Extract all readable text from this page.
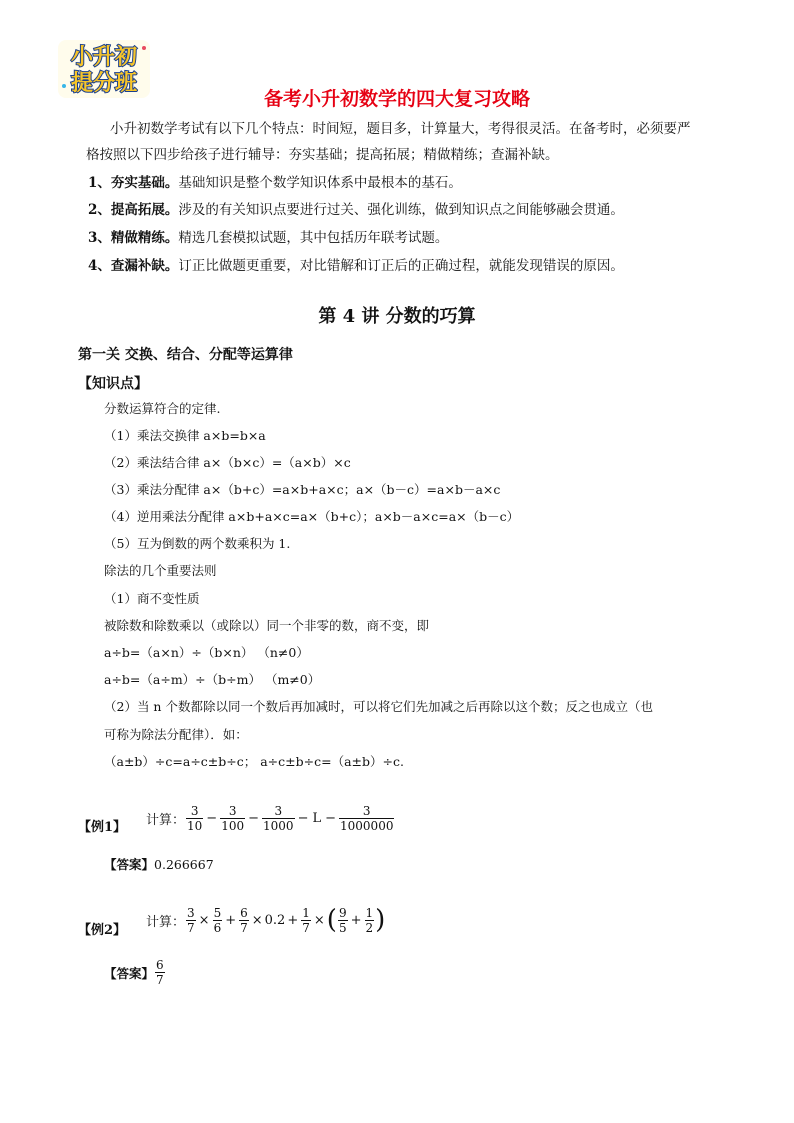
小升初
提分班
备考小升初数学的四大复习攻略
小升初数学考试有以下几个特点：时间短，题目多，计算量大，考得很灵活。在备考时，必须要严
格按照以下四步给孩子进行辅导：夯实基础；提高拓展；精做精练；查漏补缺。
1、夯实基础。基础知识是整个数学知识体系中最根本的基石。
2、提高拓展。涉及的有关知识点要进行过关、强化训练，做到知识点之间能够融会贯通。
3、精做精练。精选几套模拟试题，其中包括历年联考试题。
4、查漏补缺。订正比做题更重要，对比错解和订正后的正确过程，就能发现错误的原因。
第 4 讲 分数的巧算
第一关 交换、结合、分配等运算律
【知识点】
分数运算符合的定律.
（1）乘法交换律 a×b=b×a
（2）乘法结合律 a×（b×c）=（a×b）×c
（3）乘法分配律 a×（b+c）=a×b+a×c；a×（b－c）=a×b－a×c
（4）逆用乘法分配律 a×b+a×c=a×（b+c）；a×b－a×c=a×（b－c）
（5）互为倒数的两个数乘积为 1.
除法的几个重要法则
（1）商不变性质
被除数和除数乘以（或除以）同一个非零的数，商不变，即
a÷b=（a×n）÷（b×n） （n≠0）
a÷b=（a÷m）÷（b÷m） （m≠0）
（2）当 n 个数都除以同一个数后再加减时，可以将它们先加减之后再除以这个数；反之也成立（也
可称为除法分配律）．如：
（a±b）÷c=a÷c±b÷c； a÷c±b÷c=（a±b）÷c.
【例1】 计算： $\frac{3}{10} - \frac{3}{100} - \frac{3}{1000} - L - \frac{3}{1000000}$
【答案】0.266667
【例2】
计算： $\frac{3}{7} \times \frac{5}{6} + \frac{6}{7} \times 0.2 + \frac{1}{7}$ × ( $\frac{9}{5} + \frac{1}{2}$ )
【答案】 $\frac{6}{7}$
